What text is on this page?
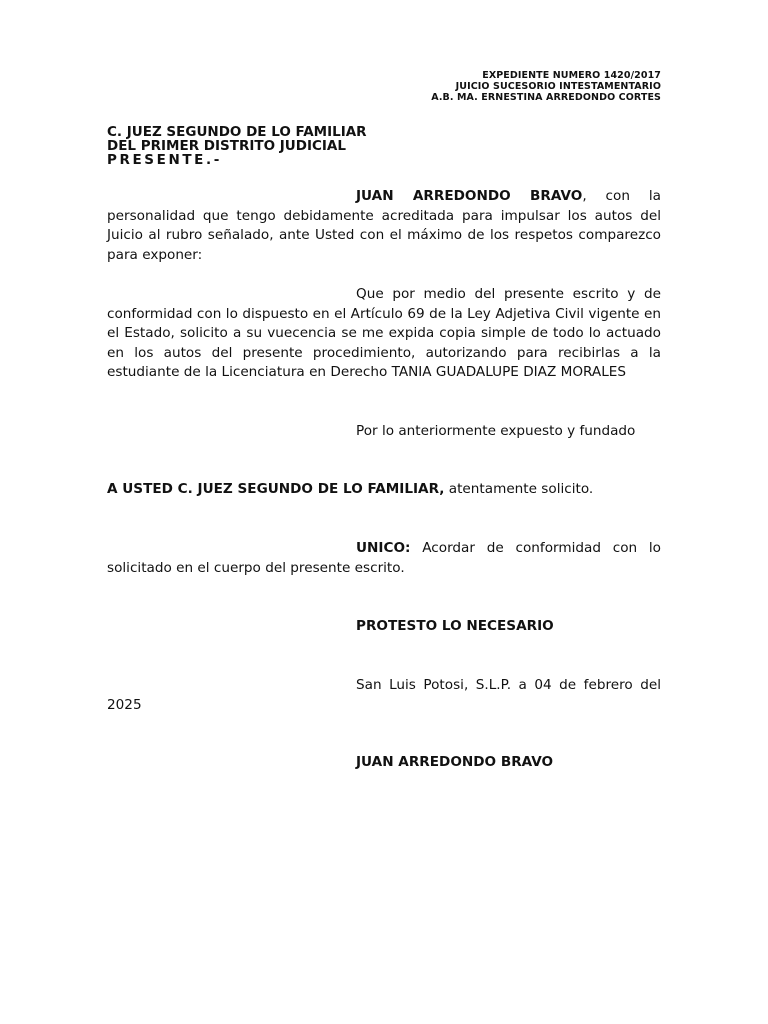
EXPEDIENTE NUMERO 1420/2017
JUICIO SUCESORIO INTESTAMENTARIO
A.B. MA. ERNESTINA ARREDONDO CORTES
C. JUEZ SEGUNDO DE LO FAMILIAR
DEL PRIMER DISTRITO JUDICIAL
PRESENTE.-
JUAN ARREDONDO BRAVO, con la personalidad que tengo debidamente acreditada para impulsar los autos del Juicio al rubro señalado, ante Usted con el máximo de los respetos comparezco para exponer:
Que por medio del presente escrito y de conformidad con lo dispuesto en el Artículo 69 de la Ley Adjetiva Civil vigente en el Estado, solicito a su vuecencia se me expida copia simple de todo lo actuado en los autos del presente procedimiento, autorizando para recibirlas a la estudiante de la Licenciatura en Derecho TANIA GUADALUPE DIAZ MORALES
Por lo anteriormente expuesto y fundado
A USTED C. JUEZ SEGUNDO DE LO FAMILIAR, atentamente solicito.
UNICO: Acordar de conformidad con lo solicitado en el cuerpo del presente escrito.
PROTESTO LO NECESARIO
San Luis Potosi, S.L.P. a 04 de febrero del 2025
JUAN ARREDONDO BRAVO
